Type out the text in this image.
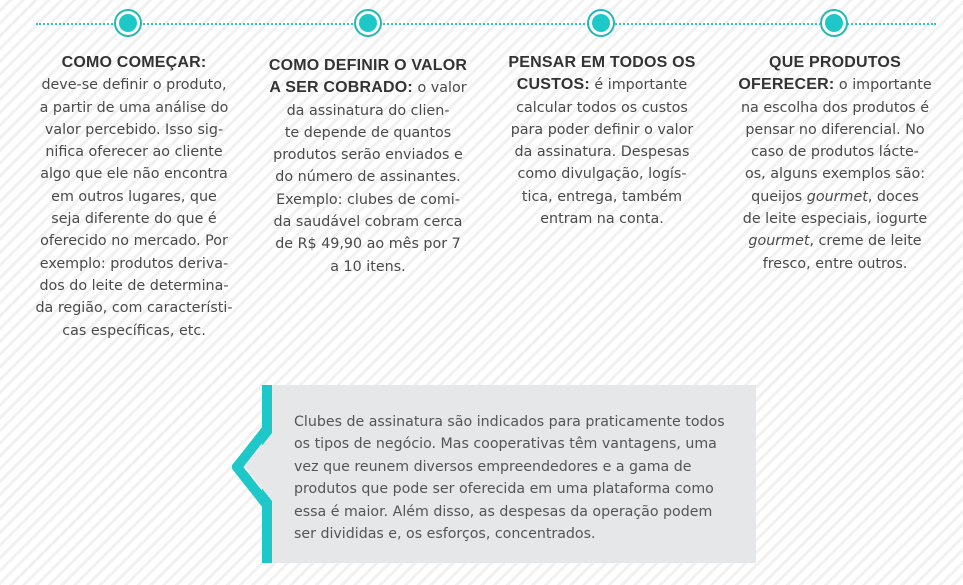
COMO COMEÇAR:
deve-se definir o produto,
a partir de uma análise do
valor percebido. Isso sig-
nifica oferecer ao cliente
algo que ele não encontra
em outros lugares, que
seja diferente do que é
oferecido no mercado. Por
exemplo: produtos deriva-
dos do leite de determina-
da região, com característi-
cas específicas, etc.
COMO DEFINIR O VALOR
A SER COBRADO: o valor
da assinatura do clien-
te depende de quantos
produtos serão enviados e
do número de assinantes.
Exemplo: clubes de comi-
da saudável cobram cerca
de R$ 49,90 ao mês por 7
a 10 itens.
PENSAR EM TODOS OS
CUSTOS: é importante
calcular todos os custos
para poder definir o valor
da assinatura. Despesas
como divulgação, logís-
tica, entrega, também
entram na conta.
QUE PRODUTOS
OFERECER: o importante
na escolha dos produtos é
pensar no diferencial. No
caso de produtos lácte-
os, alguns exemplos são:
queijos gourmet, doces
de leite especiais, iogurte
gourmet, creme de leite
fresco, entre outros.
Clubes de assinatura são indicados para praticamente todos
os tipos de negócio. Mas cooperativas têm vantagens, uma
vez que reunem diversos empreendedores e a gama de
produtos que pode ser oferecida em uma plataforma como
essa é maior. Além disso, as despesas da operação podem
ser divididas e, os esforços, concentrados.
